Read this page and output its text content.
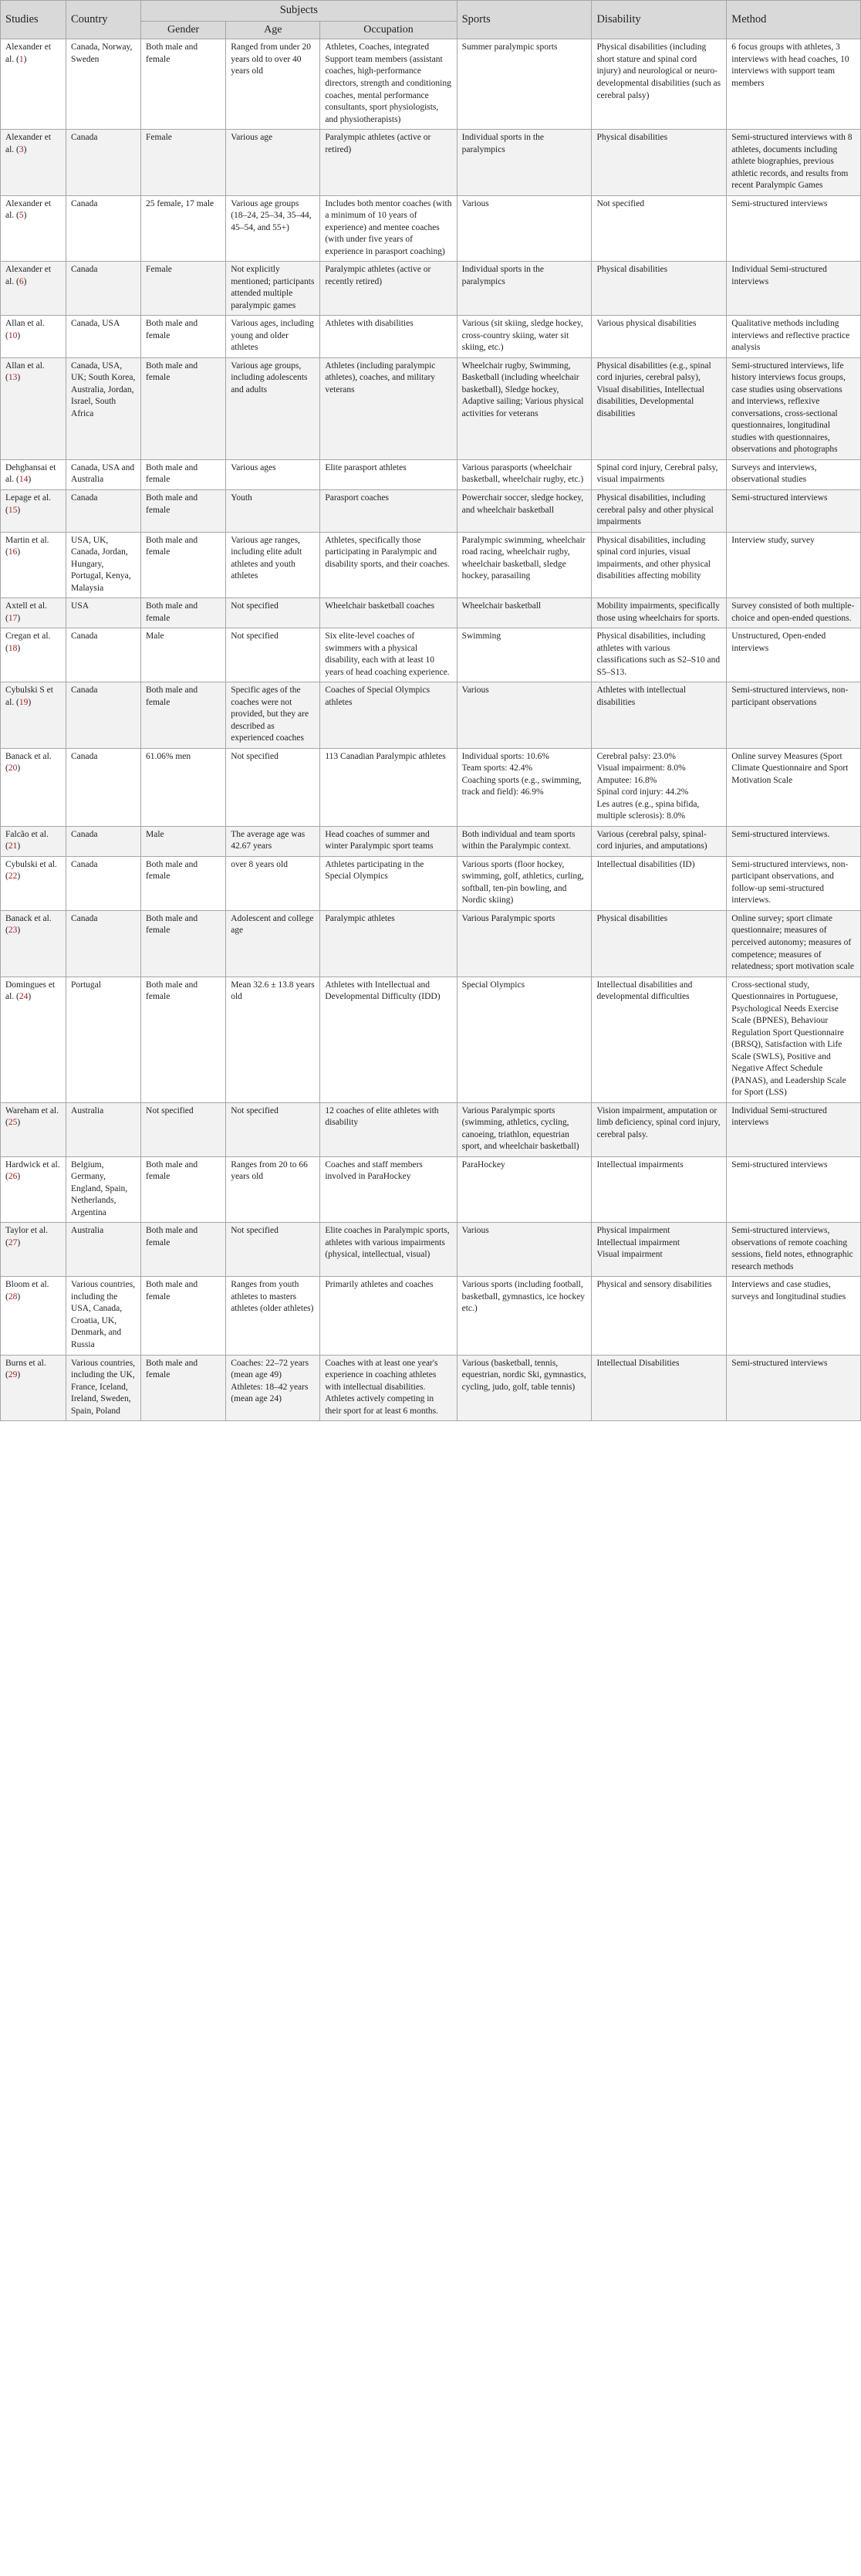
Studies	Country	Subjects			Sports	Disability	Method
		Gender	Age	Occupation			
Alexander et al. (1)	Canada, Norway, Sweden	Both male and female	Ranged from under 20 years old to over 40 years old	Athletes, Coaches, integrated Support team members (assistant coaches, high-performance directors, strength and conditioning coaches, mental performance consultants, sport physiologists, and physiotherapists)	Summer paralympic sports	Physical disabilities (including short stature and spinal cord injury) and neurological or neuro-developmental disabilities (such as cerebral palsy)	6 focus groups with athletes, 3 interviews with head coaches, 10 interviews with support team members
Alexander et al. (3)	Canada	Female	Various age	Paralympic athletes (active or retired)	Individual sports in the paralympics	Physical disabilities	Semi-structured interviews with 8 athletes, documents including athlete biographies, previous athletic records, and results from recent Paralympic Games
Alexander et al. (5)	Canada	25 female, 17 male	Various age groups (18–24, 25–34, 35–44, 45–54, and 55+)	Includes both mentor coaches (with a minimum of 10 years of experience) and mentee coaches (with under five years of experience in parasport coaching)	Various	Not specified	Semi-structured interviews
Alexander et al. (6)	Canada	Female	Not explicitly mentioned; participants attended multiple paralympic games	Paralympic athletes (active or recently retired)	Individual sports in the paralympics	Physical disabilities	Individual Semi-structured interviews
Allan et al. (10)	Canada, USA	Both male and female	Various ages, including young and older athletes	Athletes with disabilities	Various (sit skiing, sledge hockey, cross-country skiing, water sit skiing, etc.)	Various physical disabilities	Qualitative methods including interviews and reflective practice analysis
Allan et al. (13)	Canada, USA, UK; South Korea, Australia, Jordan, Israel, South Africa	Both male and female	Various age groups, including adolescents and adults	Athletes (including paralympic athletes), coaches, and military veterans	Wheelchair rugby, Swimming, Basketball (including wheelchair basketball), Sledge hockey, Adaptive sailing; Various physical activities for veterans	Physical disabilities (e.g., spinal cord injuries, cerebral palsy), Visual disabilities, Intellectual disabilities, Developmental disabilities	Semi-structured interviews, life history interviews focus groups, case studies using observations and interviews, reflexive conversations, cross-sectional questionnaires, longitudinal studies with questionnaires, observations and photographs
Dehghansai et al. (14)	Canada, USA and Australia	Both male and female	Various ages	Elite parasport athletes	Various parasports (wheelchair basketball, wheelchair rugby, etc.)	Spinal cord injury, Cerebral palsy, visual impairments	Surveys and interviews, observational studies
Lepage et al. (15)	Canada	Both male and female	Youth	Parasport coaches	Powerchair soccer, sledge hockey, and wheelchair basketball	Physical disabilities, including cerebral palsy and other physical impairments	Semi-structured interviews
Martin et al. (16)	USA, UK, Canada, Jordan, Hungary, Portugal, Kenya, Malaysia	Both male and female	Various age ranges, including elite adult athletes and youth athletes	Athletes, specifically those participating in Paralympic and disability sports, and their coaches.	Paralympic swimming, wheelchair road racing, wheelchair rugby, wheelchair basketball, sledge hockey, parasailing	Physical disabilities, including spinal cord injuries, visual impairments, and other physical disabilities affecting mobility	Interview study, survey
Axtell et al. (17)	USA	Both male and female	Not specified	Wheelchair basketball coaches	Wheelchair basketball	Mobility impairments, specifically those using wheelchairs for sports.	Survey consisted of both multiple-choice and open-ended questions.
Cregan et al. (18)	Canada	Male	Not specified	Six elite-level coaches of swimmers with a physical disability, each with at least 10 years of head coaching experience.	Swimming	Physical disabilities, including athletes with various classifications such as S2–S10 and S5–S13.	Unstructured, Open-ended interviews
Cybulski S et al. (19)	Canada	Both male and female	Specific ages of the coaches were not provided, but they are described as experienced coaches	Coaches of Special Olympics athletes	Various	Athletes with intellectual disabilities	Semi-structured interviews, non-participant observations
Banack et al. (20)	Canada	61.06% men	Not specified	113 Canadian Paralympic athletes	Individual sports: 10.6%
Team sports: 42.4%
Coaching sports (e.g., swimming, track and field): 46.9%	Cerebral palsy: 23.0%
Visual impairment: 8.0%
Amputee: 16.8%
Spinal cord injury: 44.2%
Les autres (e.g., spina bifida, multiple sclerosis): 8.0%	Online survey Measures (Sport Climate Questionnaire and Sport Motivation Scale
Falcão et al. (21)	Canada	Male	The average age was 42.67 years	Head coaches of summer and winter Paralympic sport teams	Both individual and team sports within the Paralympic context.	Various (cerebral palsy, spinal-cord injuries, and amputations)	Semi-structured interviews.
Cybulski et al. (22)	Canada	Both male and female	over 8 years old	Athletes participating in the Special Olympics	Various sports (floor hockey, swimming, golf, athletics, curling, softball, ten-pin bowling, and Nordic skiing)	Intellectual disabilities (ID)	Semi-structured interviews, non-participant observations, and follow-up semi-structured interviews.
Banack et al. (23)	Canada	Both male and female	Adolescent and college age	Paralympic athletes	Various Paralympic sports	Physical disabilities	Online survey; sport climate questionnaire; measures of perceived autonomy; measures of competence; measures of relatedness; sport motivation scale
Domingues et al. (24)	Portugal	Both male and female	Mean 32.6 ± 13.8 years old	Athletes with Intellectual and Developmental Difficulty (IDD)	Special Olympics	Intellectual disabilities and developmental difficulties	Cross-sectional study, Questionnaires in Portuguese, Psychological Needs Exercise Scale (BPNES), Behaviour Regulation Sport Questionnaire (BRSQ), Satisfaction with Life Scale (SWLS), Positive and Negative Affect Schedule (PANAS), and Leadership Scale for Sport (LSS)
Wareham et al. (25)	Australia	Not specified	Not specified	12 coaches of elite athletes with disability	Various Paralympic sports (swimming, athletics, cycling, canoeing, triathlon, equestrian sport, and wheelchair basketball)	Vision impairment, amputation or limb deficiency, spinal cord injury, cerebral palsy.	Individual Semi-structured interviews
Hardwick et al. (26)	Belgium, Germany, England, Spain, Netherlands, Argentina	Both male and female	Ranges from 20 to 66 years old	Coaches and staff members involved in ParaHockey	ParaHockey	Intellectual impairments	Semi-structured interviews
Taylor et al. (27)	Australia	Both male and female	Not specified	Elite coaches in Paralympic sports, athletes with various impairments (physical, intellectual, visual)	Various	Physical impairment
Intellectual impairment
Visual impairment	Semi-structured interviews, observations of remote coaching sessions, field notes, ethnographic research methods
Bloom et al. (28)	Various countries, including the USA, Canada, Croatia, UK, Denmark, and Russia	Both male and female	Ranges from youth athletes to masters athletes (older athletes)	Primarily athletes and coaches	Various sports (including football, basketball, gymnastics, ice hockey etc.)	Physical and sensory disabilities	Interviews and case studies, surveys and longitudinal studies
Burns et al. (29)	Various countries, including the UK, France, Iceland, Ireland, Sweden, Spain, Poland	Both male and female	Coaches: 22–72 years (mean age 49)
Athletes: 18–42 years (mean age 24)	Coaches with at least one year's experience in coaching athletes with intellectual disabilities. Athletes actively competing in their sport for at least 6 months.	Various (basketball, tennis, equestrian, nordic Ski, gymnastics, cycling, judo, golf, table tennis)	Intellectual Disabilities	Semi-structured interviews
